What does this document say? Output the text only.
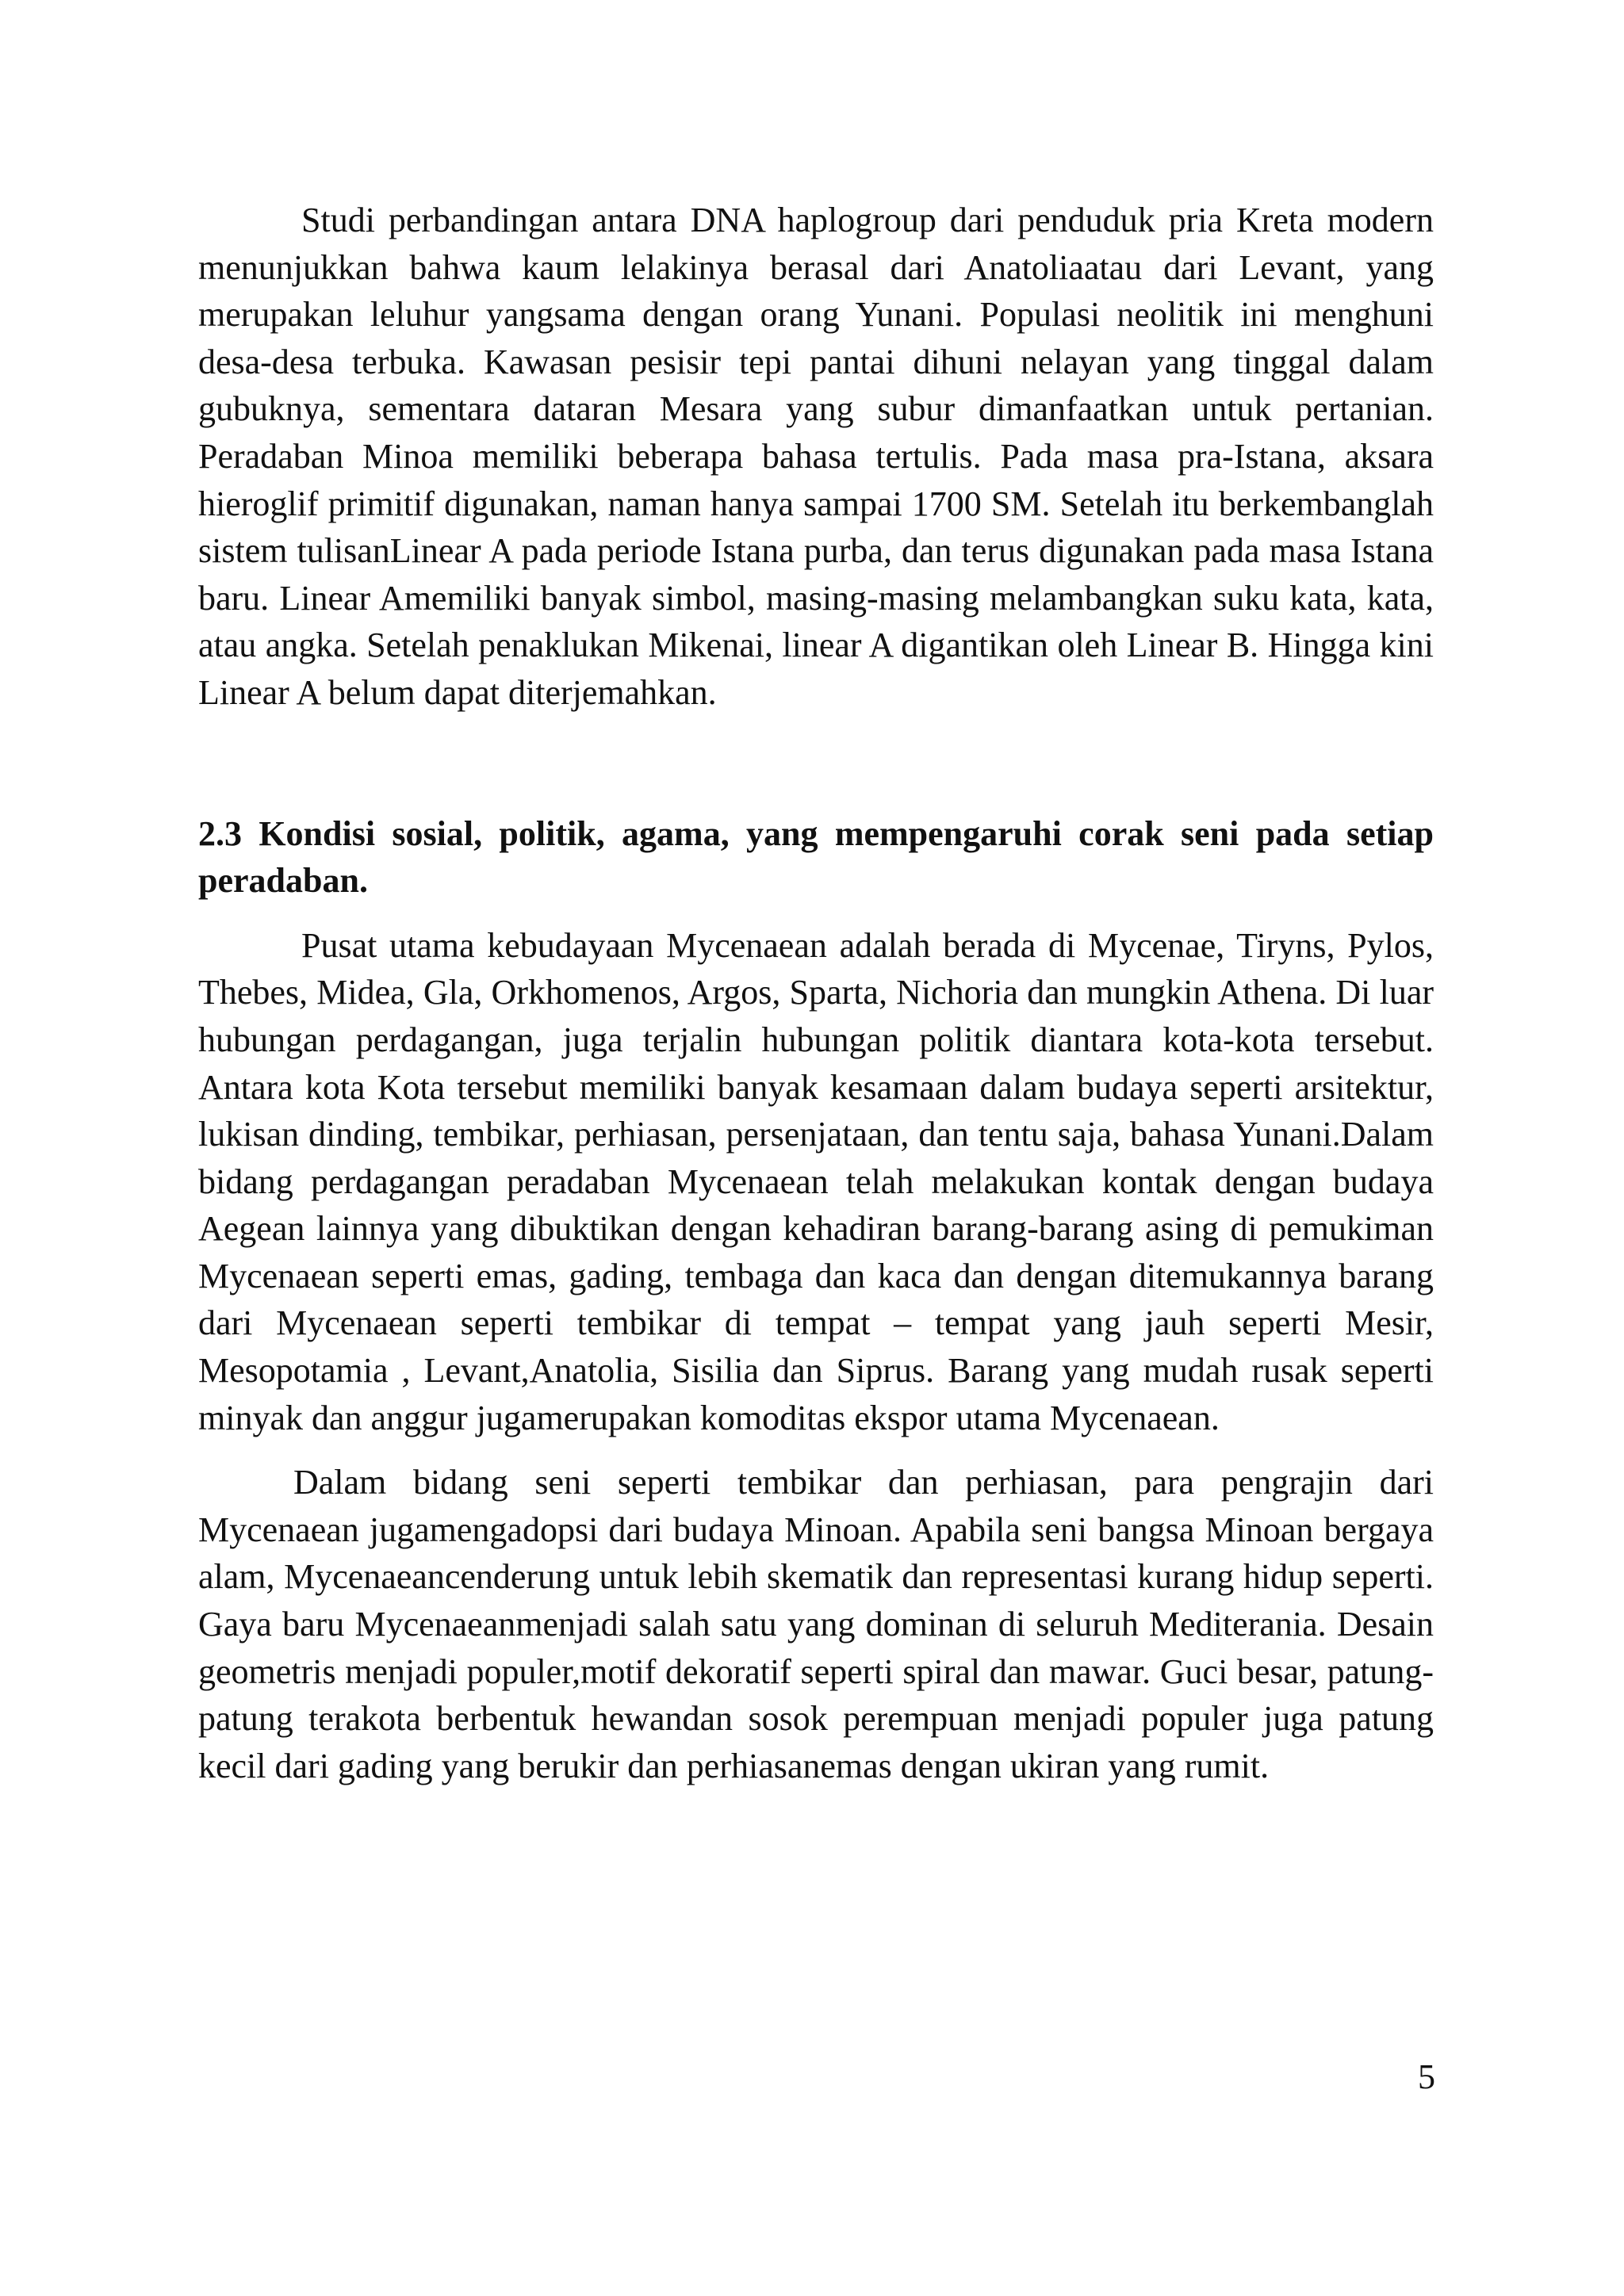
Studi perbandingan antara DNA haplogroup dari penduduk pria Kreta modern menunjukkan bahwa kaum lelakinya berasal dari Anatoliaatau dari Levant, yang merupakan leluhur yangsama dengan orang Yunani. Populasi neolitik ini menghuni desa-desa terbuka. Kawasan pesisir tepi pantai dihuni nelayan yang tinggal dalam gubuknya, sementara dataran Mesara yang subur dimanfaatkan untuk pertanian. Peradaban Minoa memiliki beberapa bahasa tertulis. Pada masa pra-Istana, aksara hieroglif primitif digunakan, naman hanya sampai 1700 SM. Setelah itu berkembanglah sistem tulisanLinear A pada periode Istana purba, dan terus digunakan pada masa Istana baru. Linear Amemiliki banyak simbol, masing-masing melambangkan suku kata, kata, atau angka. Setelah penaklukan Mikenai, linear A digantikan oleh Linear B. Hingga kini Linear A belum dapat diterjemahkan.

2.3 Kondisi sosial, politik, agama, yang mempengaruhi corak seni pada setiap peradaban.

Pusat utama kebudayaan Mycenaean adalah berada di Mycenae, Tiryns, Pylos, Thebes, Midea, Gla, Orkhomenos, Argos, Sparta, Nichoria dan mungkin Athena. Di luar hubungan perdagangan, juga terjalin hubungan politik diantara kota-kota tersebut. Antara kota Kota tersebut memiliki banyak kesamaan dalam budaya seperti arsitektur, lukisan dinding, tembikar, perhiasan, persenjataan, dan tentu saja, bahasa Yunani.Dalam bidang perdagangan peradaban Mycenaean telah melakukan kontak dengan budaya Aegean lainnya yang dibuktikan dengan kehadiran barang-barang asing di pemukiman Mycenaean seperti emas, gading, tembaga dan kaca dan dengan ditemukannya barang dari Mycenaean seperti tembikar di tempat – tempat yang jauh seperti Mesir, Mesopotamia , Levant,Anatolia, Sisilia dan Siprus. Barang yang mudah rusak seperti minyak dan anggur jugamerupakan komoditas ekspor utama Mycenaean.

Dalam bidang seni seperti tembikar dan perhiasan, para pengrajin dari Mycenaean jugamengadopsi dari budaya Minoan. Apabila seni bangsa Minoan bergaya alam, Mycenaeancenderung untuk lebih skematik dan representasi kurang hidup seperti. Gaya baru Mycenaeanmenjadi salah satu yang dominan di seluruh Mediterania. Desain geometris menjadi populer,motif dekoratif seperti spiral dan mawar. Guci besar, patung-patung terakota berbentuk hewandan sosok perempuan menjadi populer juga patung kecil dari gading yang berukir dan perhiasanemas dengan ukiran yang rumit.

5
